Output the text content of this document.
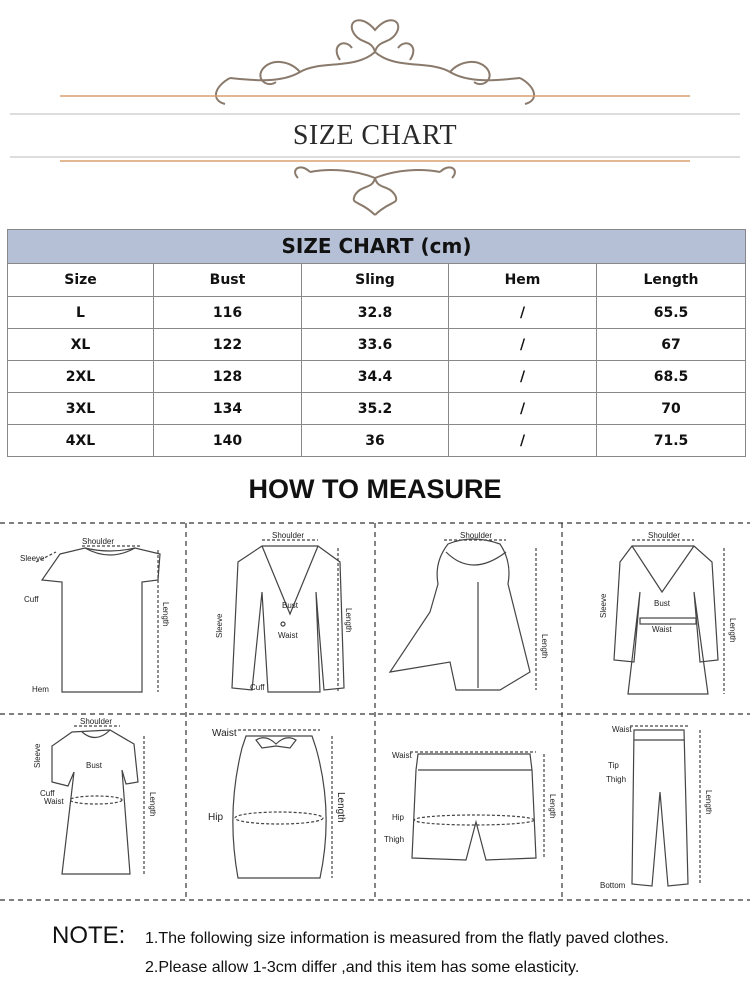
SIZE CHART
SIZE CHART (cm)
Size	Bust	Sling	Hem	Length
L	116	32.8	/	65.5
XL	122	33.6	/	67
2XL	128	34.4	/	68.5
3XL	134	35.2	/	70
4XL	140	36	/	71.5
HOW TO MEASURE
Shoulder
Sleeve
Cuff
Hem
Length
Shoulder
Bust
Waist
Cuff
Sleeve	Length
Shoulder
Length
Shoulder
Bust
Waist
Sleeve
Length
Shoulder
Bust
Waist
Cuff
Sleeve
Length
Waist
Hip	Length
Waist
Hip
Thigh
Length
Waist
Tip
Thigh
Bottom
Length
NOTE: 1.The following size information is measured from the flatly paved clothes.
2.Please allow 1-3cm differ ,and this item has some elasticity.
